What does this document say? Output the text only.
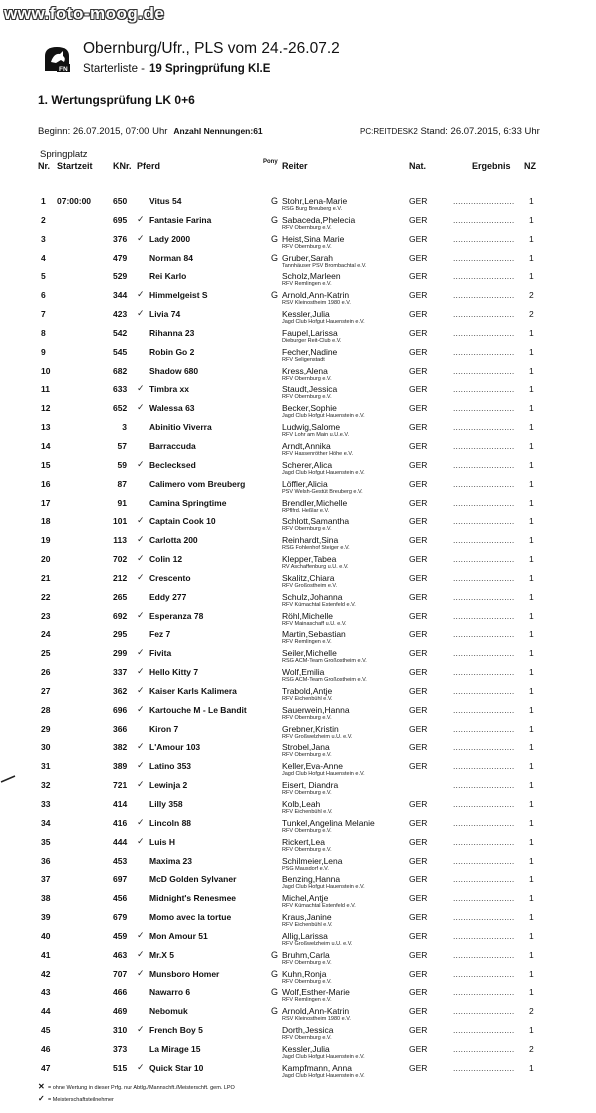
www.foto-moog.de
FN
Obernburg/Ufr., PLS vom 24.-26.07.2
Starterliste - 19 Springprüfung Kl.E
1. Wertungsprüfung LK 0+6
Beginn: 26.07.2015, 07:00 Uhr Anzahl Nennungen:61	PC:REITDESK2 Stand: 26.07.2015, 6:33 Uhr
Springplatz
Nr. Startzeit KNr. Pferd	Pony Reiter	Nat.	Ergebnis NZ
1 07:00:00	650	Vitus 54	G Stohr,Lena-Marie
RSG Burg Breuberg e.V.
GER	........................ 1
2	695 ✓ Fantasie Farina	G Sabaceda,Phelecia
RFV Obernburg e.V.
GER	........................ 1
3	376 ✓ Lady 2000	G Heist,Sina Marie
RFV Obernburg e.V.
GER	........................ 1
4	479	Norman 84	G Gruber,Sarah
Tannhäuser PSV Brombachtal e.V.
GER	........................ 1
5	529	Rei Karlo	Scholz,Marleen
RFV Remlingen e.V.
GER	........................ 1
6	344 ✓ Himmelgeist S	G Arnold,Ann-Katrin
RSV Kleinostheim 1980 e.V.
GER	........................ 2
7	423 ✓ Livia 74	Kessler,Julia
Jagd Club Hofgut Hauenstein e.V.
GER	........................ 2
8	542	Rihanna 23	Faupel,Larissa
Dieburger Reit-Club e.V.
GER	........................ 1
9	545	Robin Go 2	Fecher,Nadine
RFV Seligenstadt
GER	........................ 1
10	682	Shadow 680	Kress,Alena
RFV Obernburg e.V.
GER	........................ 1
11	633 ✓ Timbra xx	Staudt,Jessica
RFV Obernburg e.V.
GER	........................ 1
12	652 ✓ Walessa 63	Becker,Sophie
Jagd Club Hofgut Hauenstein e.V.
GER	........................ 1
13	3	Abinitio Viverra	Ludwig,Salome
RFV Lohr am Main u.U.e.V.
GER	........................ 1
14	57	Barraccuda	Arndt,Annika
RFV Hassenröther Höhe e.V.
GER	........................ 1
15	59 ✓ Beclecksed	Scherer,Alica
Jagd Club Hofgut Hauenstein e.V.
GER	........................ 1
16	87	Calimero vom Breuberg	Löffler,Alicia
PSV Welsh-Gestüt Breuberg e.V.
GER	........................ 1
17	91	Camina Springtime	Brendler,Michelle
RPflfrd. Heßlar e.V.
GER	........................ 1
18	101 ✓ Captain Cook 10	Schlott,Samantha
RFV Obernburg e.V.
GER	........................ 1
19	113 ✓ Carlotta 200	Reinhardt,Sina
RSG Fohlenhof Steiger e.V.
GER	........................ 1
20	702 ✓ Colin 12	Klepper,Tabea
RV Aschaffenburg u.U. e.V.
GER	........................ 1
21	212 ✓ Crescento	Skalitz,Chiara
RFV Großostheim e.V.
GER	........................ 1
22	265	Eddy 277	Schulz,Johanna
RFV Kümachtal Estenfeld e.V.
GER	........................ 1
23	692 ✓ Esperanza 78	Röhl,Michelle
RFV Mainaschaff u.U. e.V.
GER	........................ 1
24	295	Fez 7	Martin,Sebastian
RFV Remlingen e.V.
GER	........................ 1
25	299 ✓ Fivita	Seiler,Michelle
RSG ACM-Team Großostheim e.V.
GER	........................ 1
26	337 ✓ Hello Kitty 7	Wolf,Emilia
RSG ACM-Team Großostheim e.V.
GER	........................ 1
27	362 ✓ Kaiser Karls Kalimera	Trabold,Antje
RFV Eichenbühl e.V.
GER	........................ 1
28	696 ✓ Kartouche M - Le Bandit	Sauerwein,Hanna
RFV Obernburg e.V.
GER	........................ 1
29	366	Kiron 7	Grebner,Kristin
RFV Großwelzheim u.U. e.V.
GER	........................ 1
30	382 ✓ L'Amour 103	Strobel,Jana
RFV Obernburg e.V.
GER	........................ 1
31	389 ✓ Latino 353	Keller,Eva-Anne
Jagd Club Hofgut Hauenstein e.V.
GER	........................ 1
32	721 ✓ Lewinja 2	Eisert, Diandra
RFV Obernburg e.V.
........................ 1
33	414	Lilly 358	Kolb,Leah
RFV Eichenbühl e.V.
GER	........................ 1
34	416 ✓ Lincoln 88	Tunkel,Angelina Melanie
RFV Obernburg e.V.
GER	........................ 1
35	444 ✓ Luis H	Rickert,Lea
RFV Obernburg e.V.
GER	........................ 1
36	453	Maxima 23	Schilmeier,Lena
PSG Mausdorf e.V.
GER	........................ 1
37	697	McD Golden Sylvaner	Benzing,Hanna
Jagd Club Hofgut Hauenstein e.V.
GER	........................ 1
38	456	Midnight's Renesmee	Michel,Antje
RFV Kümachtal Estenfeld e.V.
GER	........................ 1
39	679	Momo avec la tortue	Kraus,Janine
RFV Eichenbühl e.V.
GER	........................ 1
40	459 ✓ Mon Amour 51	Allig,Larissa
RFV Großwelzheim u.U. e.V.
GER	........................ 1
41	463 ✓ Mr.X 5	G Bruhm,Carla
RFV Obernburg e.V.
GER	........................ 1
42	707 ✓ Munsboro Homer	G Kuhn,Ronja
RFV Obernburg e.V.
GER	........................ 1
43	466	Nawarro 6	G Wolf,Esther-Marie
RFV Remlingen e.V.
GER	........................ 1
44	469	Nebomuk	G Arnold,Ann-Katrin
RSV Kleinostheim 1980 e.V.
GER	........................ 2
45	310 ✓ French Boy 5	Dorth,Jessica
RFV Obernburg e.V.
GER	........................ 1
46	373	La Mirage 15	Kessler,Julia
Jagd Club Hofgut Hauenstein e.V.
GER	........................ 2
47	515 ✓ Quick Star 10	Kampfmann, Anna
Jagd Club Hofgut Hauenstein e.V.
GER	........................ 1
✕ = ohne Wertung in dieser Prfg. nur Abtlg./Mannschft./Meisterschft. gem. LPO
✓ = Meisterschaftsteilnehmer
